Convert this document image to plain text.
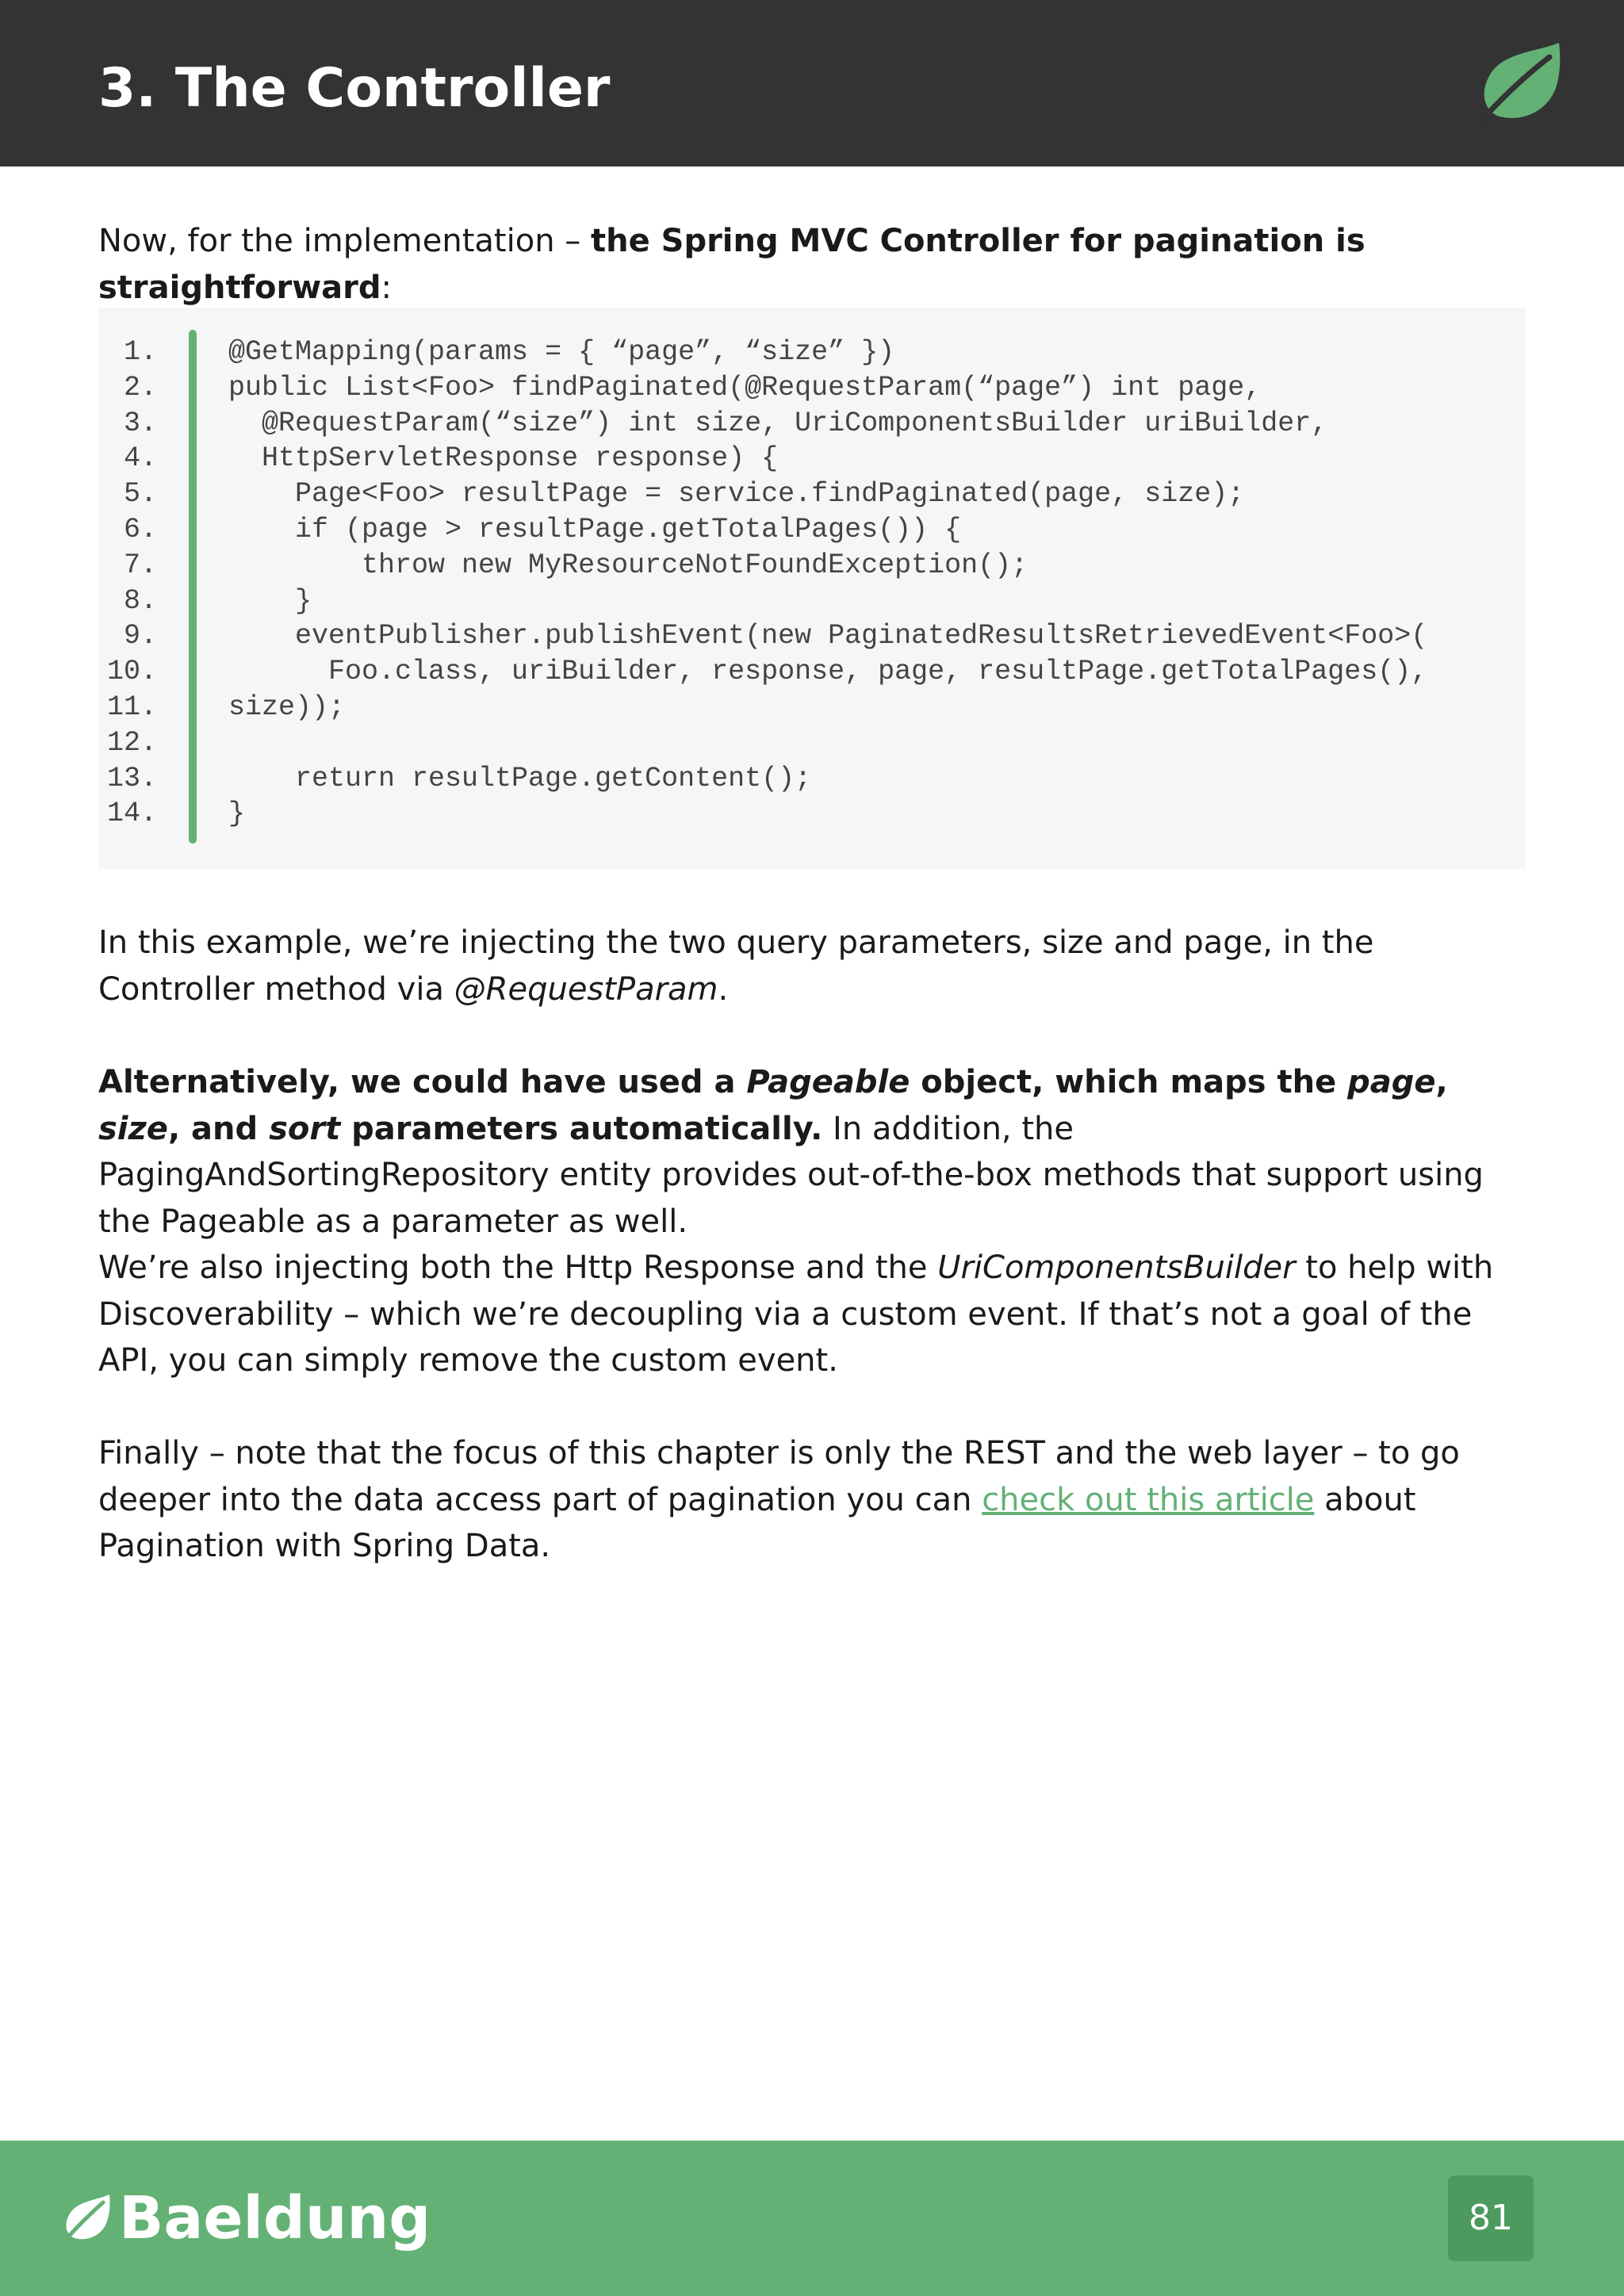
3. The Controller

Now, for the implementation – the Spring MVC Controller for pagination is straightforward:

1.	@GetMapping(params = { “page”, “size” })
2.	public List<Foo> findPaginated(@RequestParam(“page”) int page,
3.	@RequestParam(“size”) int size, UriComponentsBuilder uriBuilder,
4.	HttpServletResponse response) {
5.	Page<Foo> resultPage = service.findPaginated(page, size);
6.	if (page > resultPage.getTotalPages()) {
7.	throw new MyResourceNotFoundException();
8.	}
9.	eventPublisher.publishEvent(new PaginatedResultsRetrievedEvent<Foo>(
10.	Foo.class, uriBuilder, response, page, resultPage.getTotalPages(),
11.	size));
12.
13.	return resultPage.getContent();
14.	}

In this example, we’re injecting the two query parameters, size and page, in the Controller method via @RequestParam.

Alternatively, we could have used a Pageable object, which maps the page, size, and sort parameters automatically. In addition, the PagingAndSortingRepository entity provides out-of-the-box methods that support using the Pageable as a parameter as well.

We’re also injecting both the Http Response and the UriComponentsBuilder to help with Discoverability – which we’re decoupling via a custom event. If that’s not a goal of the API, you can simply remove the custom event.

Finally – note that the focus of this chapter is only the REST and the web layer – to go deeper into the data access part of pagination you can check out this article about Pagination with Spring Data.

Baeldung	81
